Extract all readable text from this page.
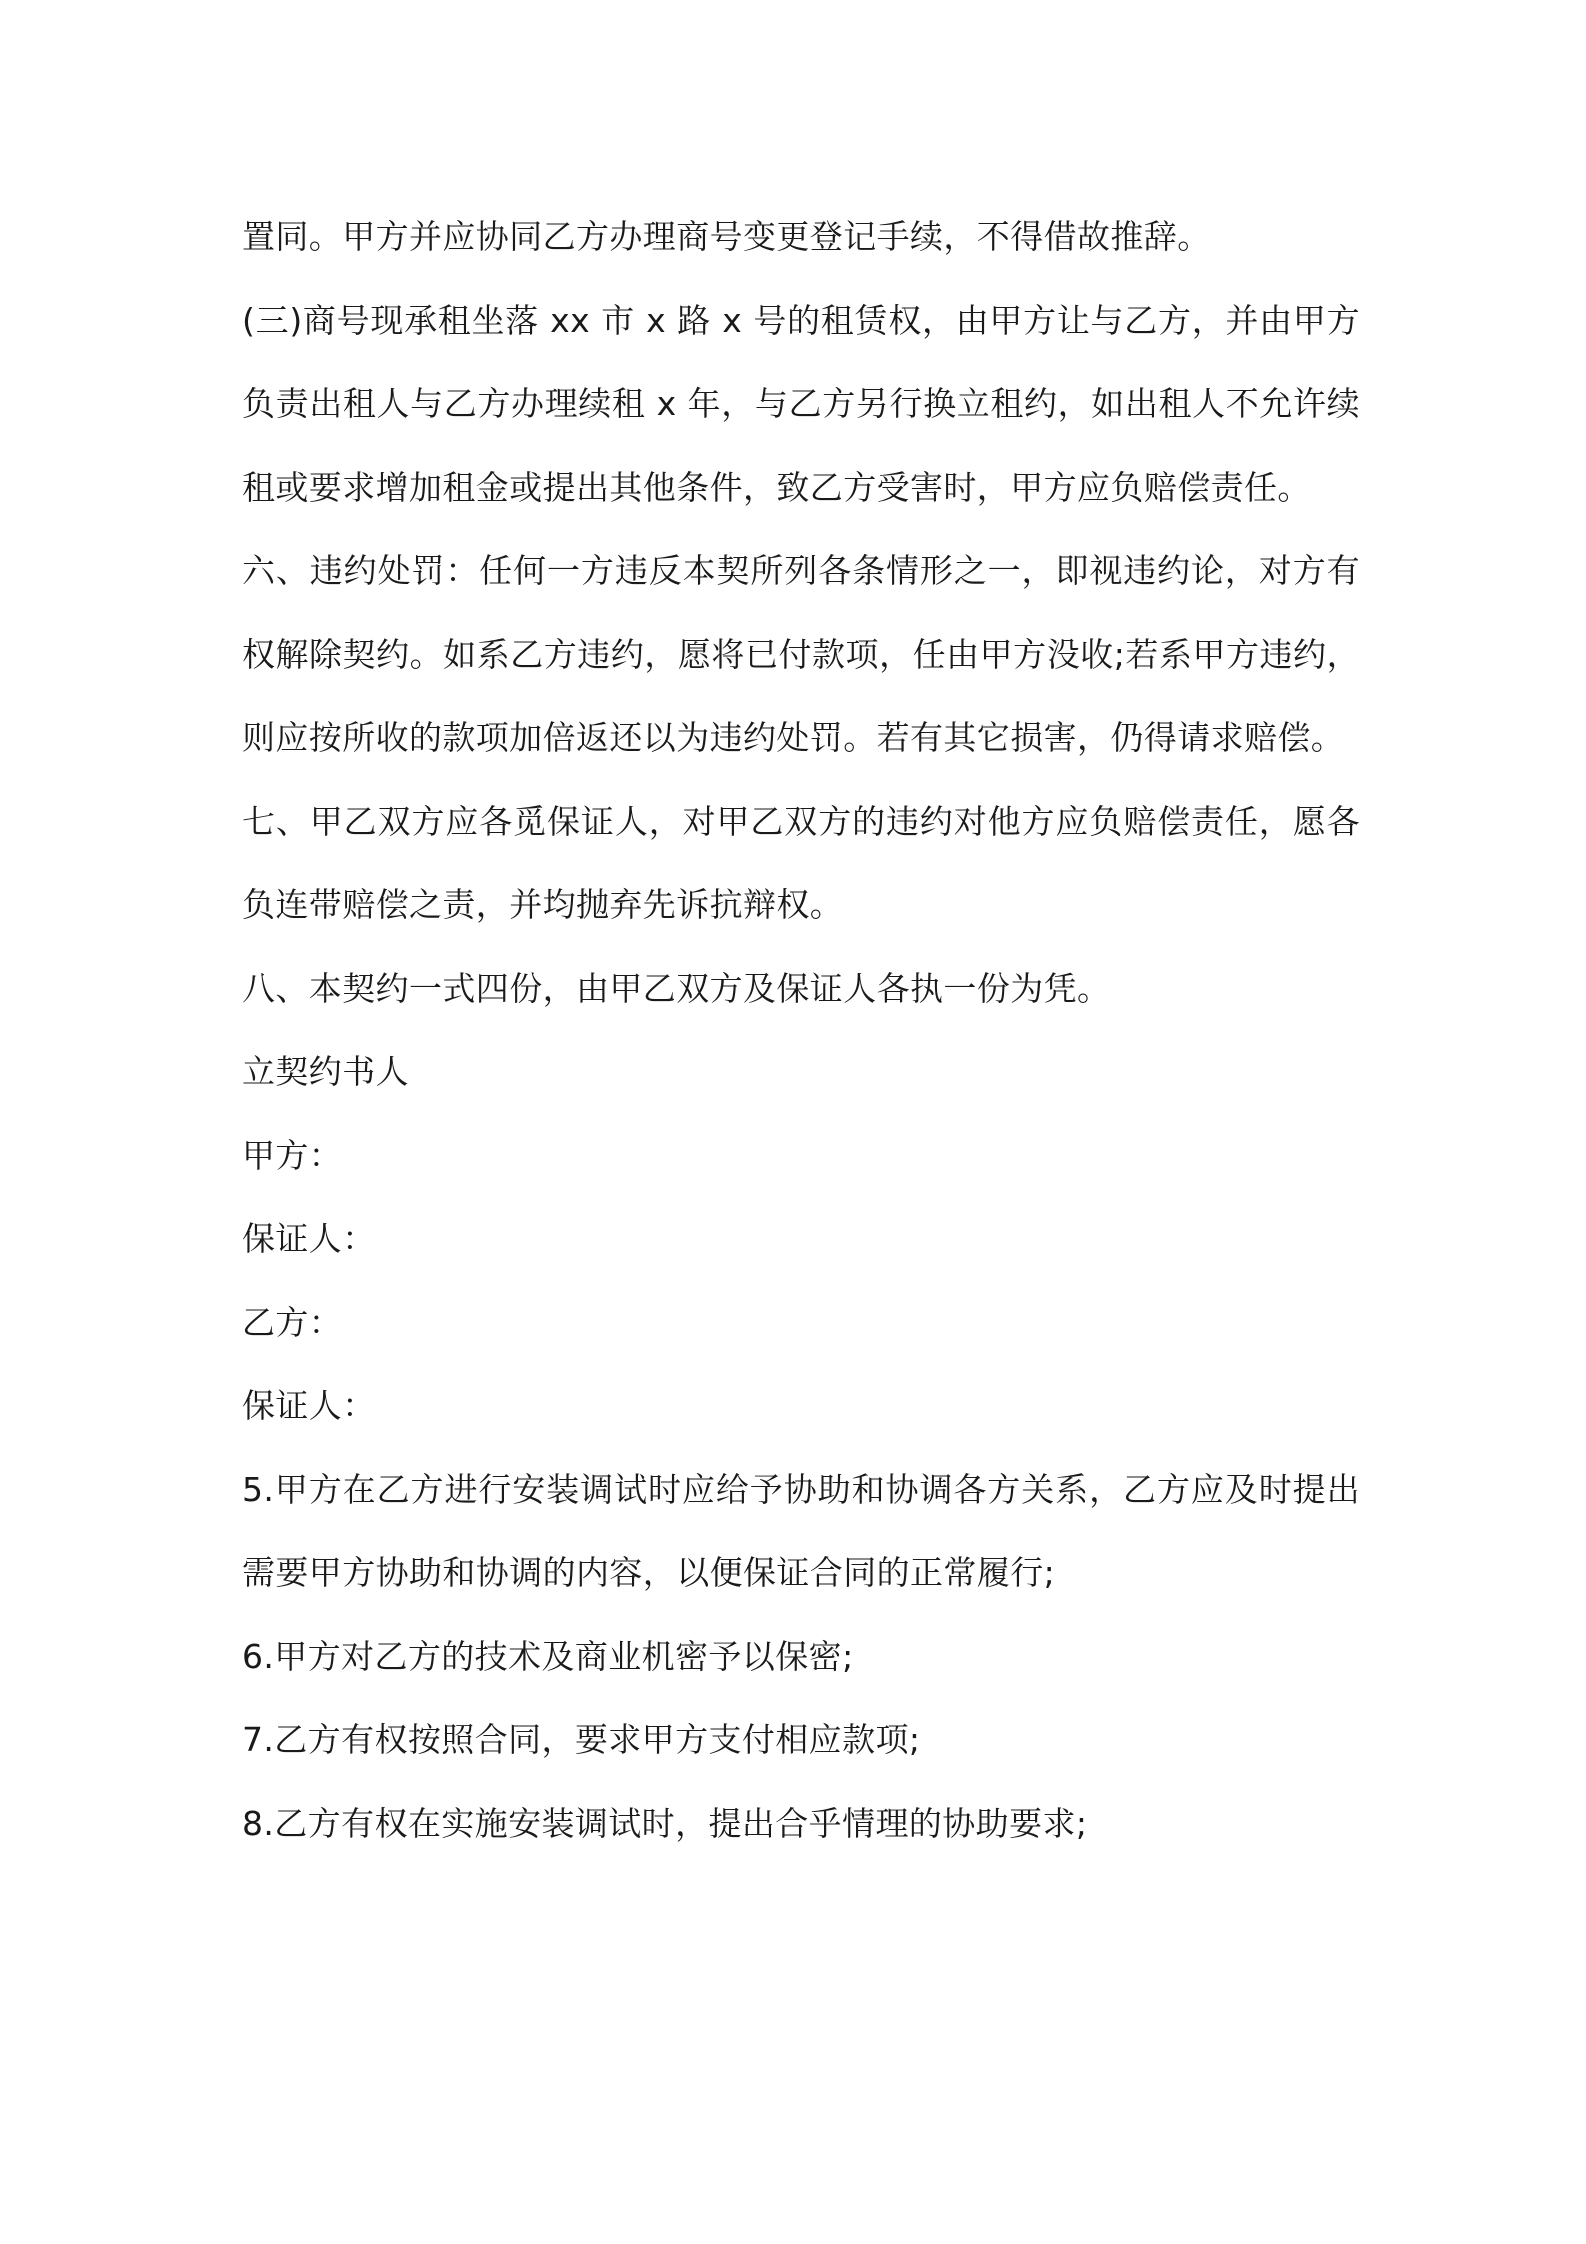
置同。甲方并应协同乙方办理商号变更登记手续，不得借故推辞。

(三)商号现承租坐落 xx 市 x 路 x 号的租赁权，由甲方让与乙方，并由甲方负责出租人与乙方办理续租 x 年，与乙方另行换立租约，如出租人不允许续租或要求增加租金或提出其他条件，致乙方受害时，甲方应负赔偿责任。

六、违约处罚：任何一方违反本契所列各条情形之一，即视违约论，对方有权解除契约。如系乙方违约，愿将已付款项，任由甲方没收;若系甲方违约，则应按所收的款项加倍返还以为违约处罚。若有其它损害，仍得请求赔偿。

七、甲乙双方应各觅保证人，对甲乙双方的违约对他方应负赔偿责任，愿各负连带赔偿之责，并均抛弃先诉抗辩权。

八、本契约一式四份，由甲乙双方及保证人各执一份为凭。

立契约书人

甲方：

保证人：

乙方：

保证人：

5.甲方在乙方进行安装调试时应给予协助和协调各方关系，乙方应及时提出需要甲方协助和协调的内容，以便保证合同的正常履行;

6.甲方对乙方的技术及商业机密予以保密;

7.乙方有权按照合同，要求甲方支付相应款项;

8.乙方有权在实施安装调试时，提出合乎情理的协助要求;
